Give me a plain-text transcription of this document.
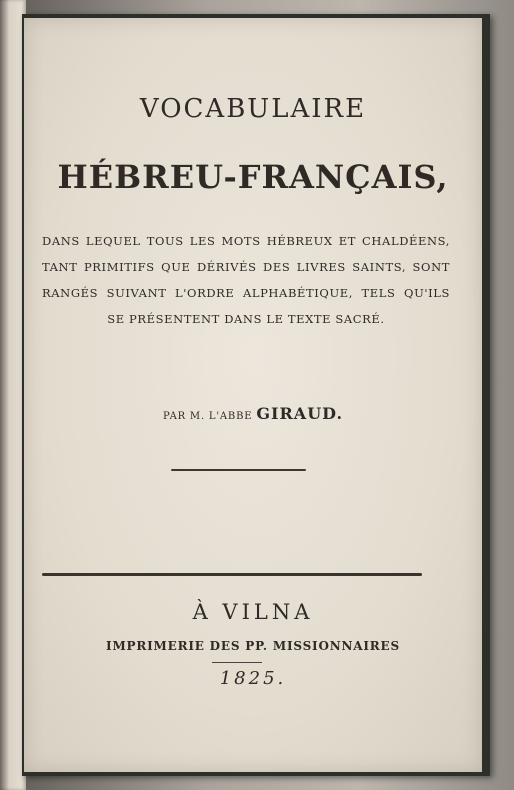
VOCABULAIRE
HÉBREU-FRANÇAIS,
DANS LEQUEL TOUS LES MOTS HÉBREUX ET CHALDÉENS, TANT PRIMITIFS QUE DÉRIVÉS DES LIVRES SAINTS, SONT RANGÉS SUIVANT L'ORDRE ALPHABÉTIQUE, TELS QU'ILS SE PRÉSENTENT DANS LE TEXTE SACRÉ.
PAR M. L'ABBE GIRAUD.
À VILNA
IMPRIMERIE DES PP. MISSIONNAIRES
1825.
